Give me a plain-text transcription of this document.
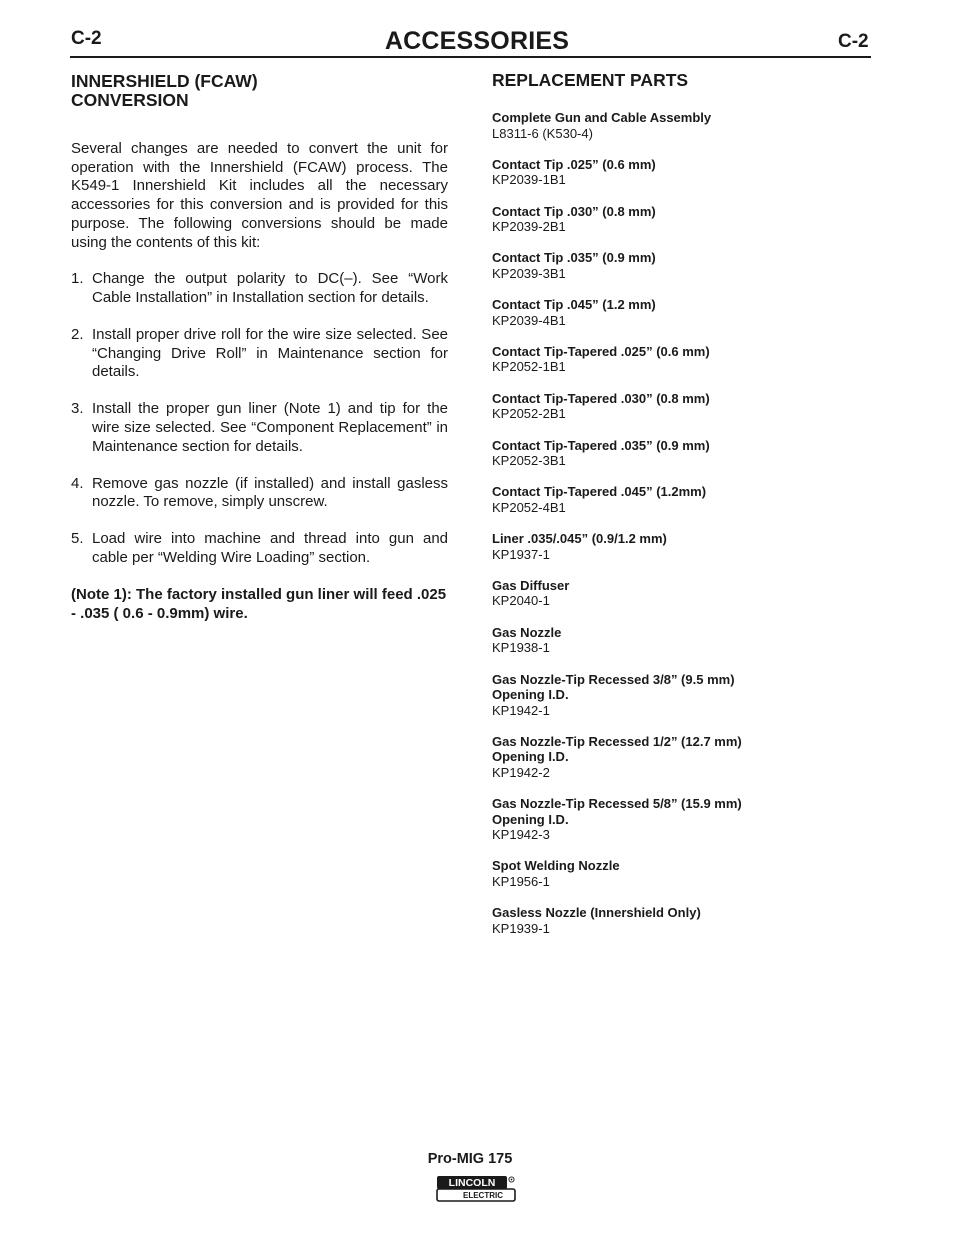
C-2	ACCESSORIES	C-2
INNERSHIELD (FCAW)
CONVERSION

Several changes are needed to convert the unit for operation with the Innershield (FCAW) process. The K549-1 Innershield Kit includes all the necessary accessories for this conversion and is provided for this purpose. The following conversions should be made using the contents of this kit:

1. Change the output polarity to DC(–). See “Work Cable Installation” in Installation section for details.
2. Install proper drive roll for the wire size selected. See “Changing Drive Roll” in Maintenance section for details.
3. Install the proper gun liner (Note 1) and tip for the wire size selected. See “Component Replacement” in Maintenance section for details.
4. Remove gas nozzle (if installed) and install gasless nozzle. To remove, simply unscrew.
5. Load wire into machine and thread into gun and cable per “Welding Wire Loading” section.

(Note 1): The factory installed gun liner will feed .025 - .035 ( 0.6 - 0.9mm) wire.

REPLACEMENT PARTS
Complete Gun and Cable Assembly
L8311-6 (K530-4)
Contact Tip .025” (0.6 mm)
KP2039-1B1
Contact Tip .030” (0.8 mm)
KP2039-2B1
Contact Tip .035” (0.9 mm)
KP2039-3B1
Contact Tip .045” (1.2 mm)
KP2039-4B1
Contact Tip-Tapered .025” (0.6 mm)
KP2052-1B1
Contact Tip-Tapered .030” (0.8 mm)
KP2052-2B1
Contact Tip-Tapered .035” (0.9 mm)
KP2052-3B1
Contact Tip-Tapered .045” (1.2mm)
KP2052-4B1
Liner .035/.045” (0.9/1.2 mm)
KP1937-1
Gas Diffuser
KP2040-1
Gas Nozzle
KP1938-1
Gas Nozzle-Tip Recessed 3/8” (9.5 mm)
Opening I.D.
KP1942-1
Gas Nozzle-Tip Recessed 1/2” (12.7 mm)
Opening I.D.
KP1942-2
Gas Nozzle-Tip Recessed 5/8” (15.9 mm)
Opening I.D.
KP1942-3
Spot Welding Nozzle
KP1956-1
Gasless Nozzle (Innershield Only)
KP1939-1
Pro-MIG 175
LINCOLN
ELECTRIC
